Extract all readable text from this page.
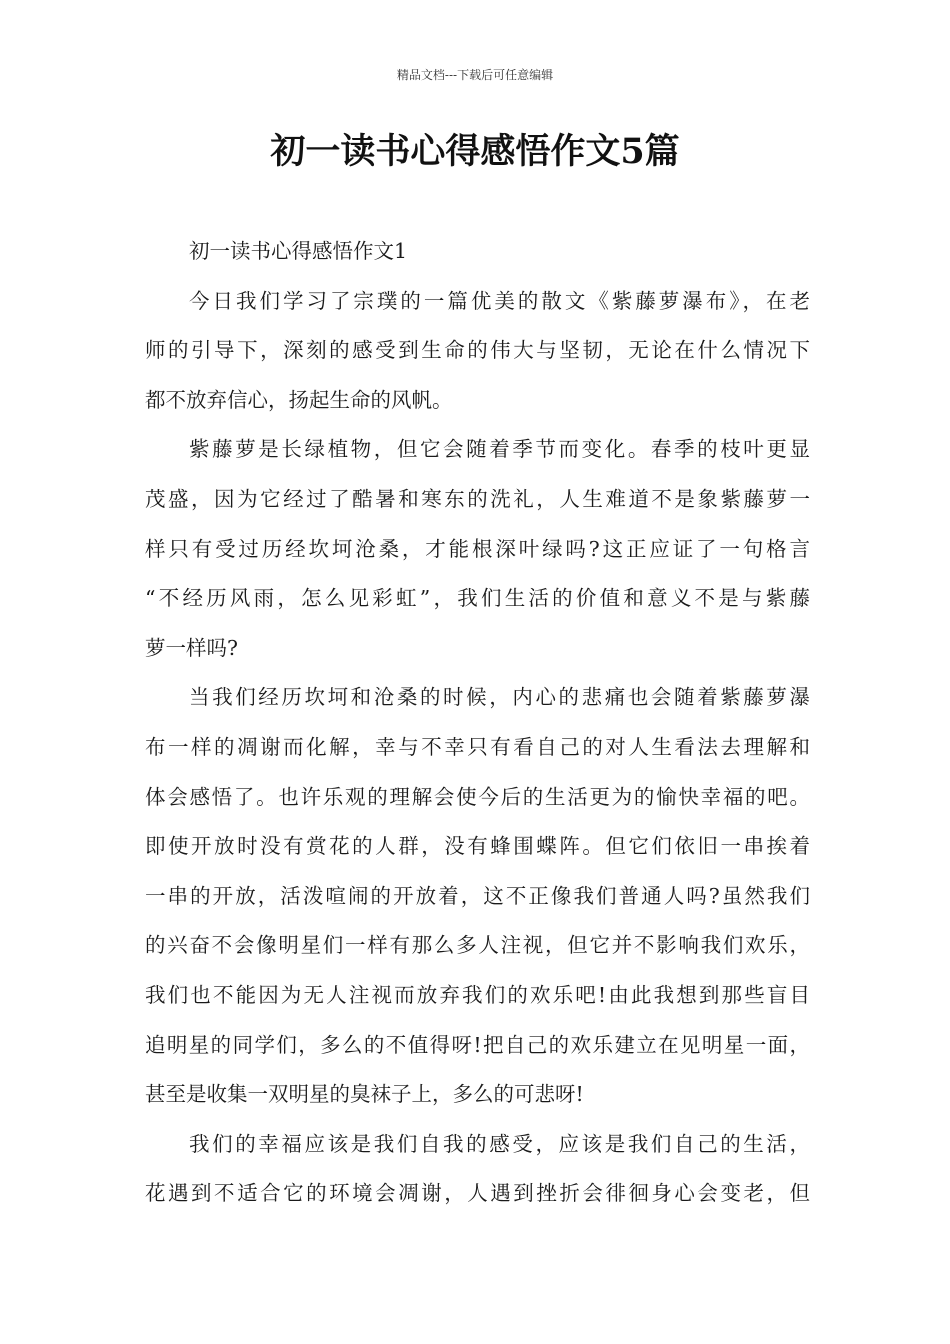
精品文档---下载后可任意编辑
初一读书心得感悟作文5篇
初一读书心得感悟作文1
今日我们学习了宗璞的一篇优美的散文《紫藤萝瀑布》，在老
师的引导下，深刻的感受到生命的伟大与坚韧，无论在什么情况下
都不放弃信心，扬起生命的风帆。
紫藤萝是长绿植物，但它会随着季节而变化。春季的枝叶更显
茂盛，因为它经过了酷暑和寒东的洗礼，人生难道不是象紫藤萝一
样只有受过历经坎坷沧桑，才能根深叶绿吗?这正应证了一句格言
“不经历风雨，怎么见彩虹”，我们生活的价值和意义不是与紫藤
萝一样吗?
当我们经历坎坷和沧桑的时候，内心的悲痛也会随着紫藤萝瀑
布一样的凋谢而化解，幸与不幸只有看自己的对人生看法去理解和
体会感悟了。也许乐观的理解会使今后的生活更为的愉快幸福的吧。
即使开放时没有赏花的人群，没有蜂围蝶阵。但它们依旧一串挨着
一串的开放，活泼喧闹的开放着，这不正像我们普通人吗?虽然我们
的兴奋不会像明星们一样有那么多人注视，但它并不影响我们欢乐，
我们也不能因为无人注视而放弃我们的欢乐吧!由此我想到那些盲目
追明星的同学们，多么的不值得呀!把自己的欢乐建立在见明星一面，
甚至是收集一双明星的臭袜子上，多么的可悲呀!
我们的幸福应该是我们自我的感受，应该是我们自己的生活，
花遇到不适合它的环境会凋谢，人遇到挫折会徘徊身心会变老，但
